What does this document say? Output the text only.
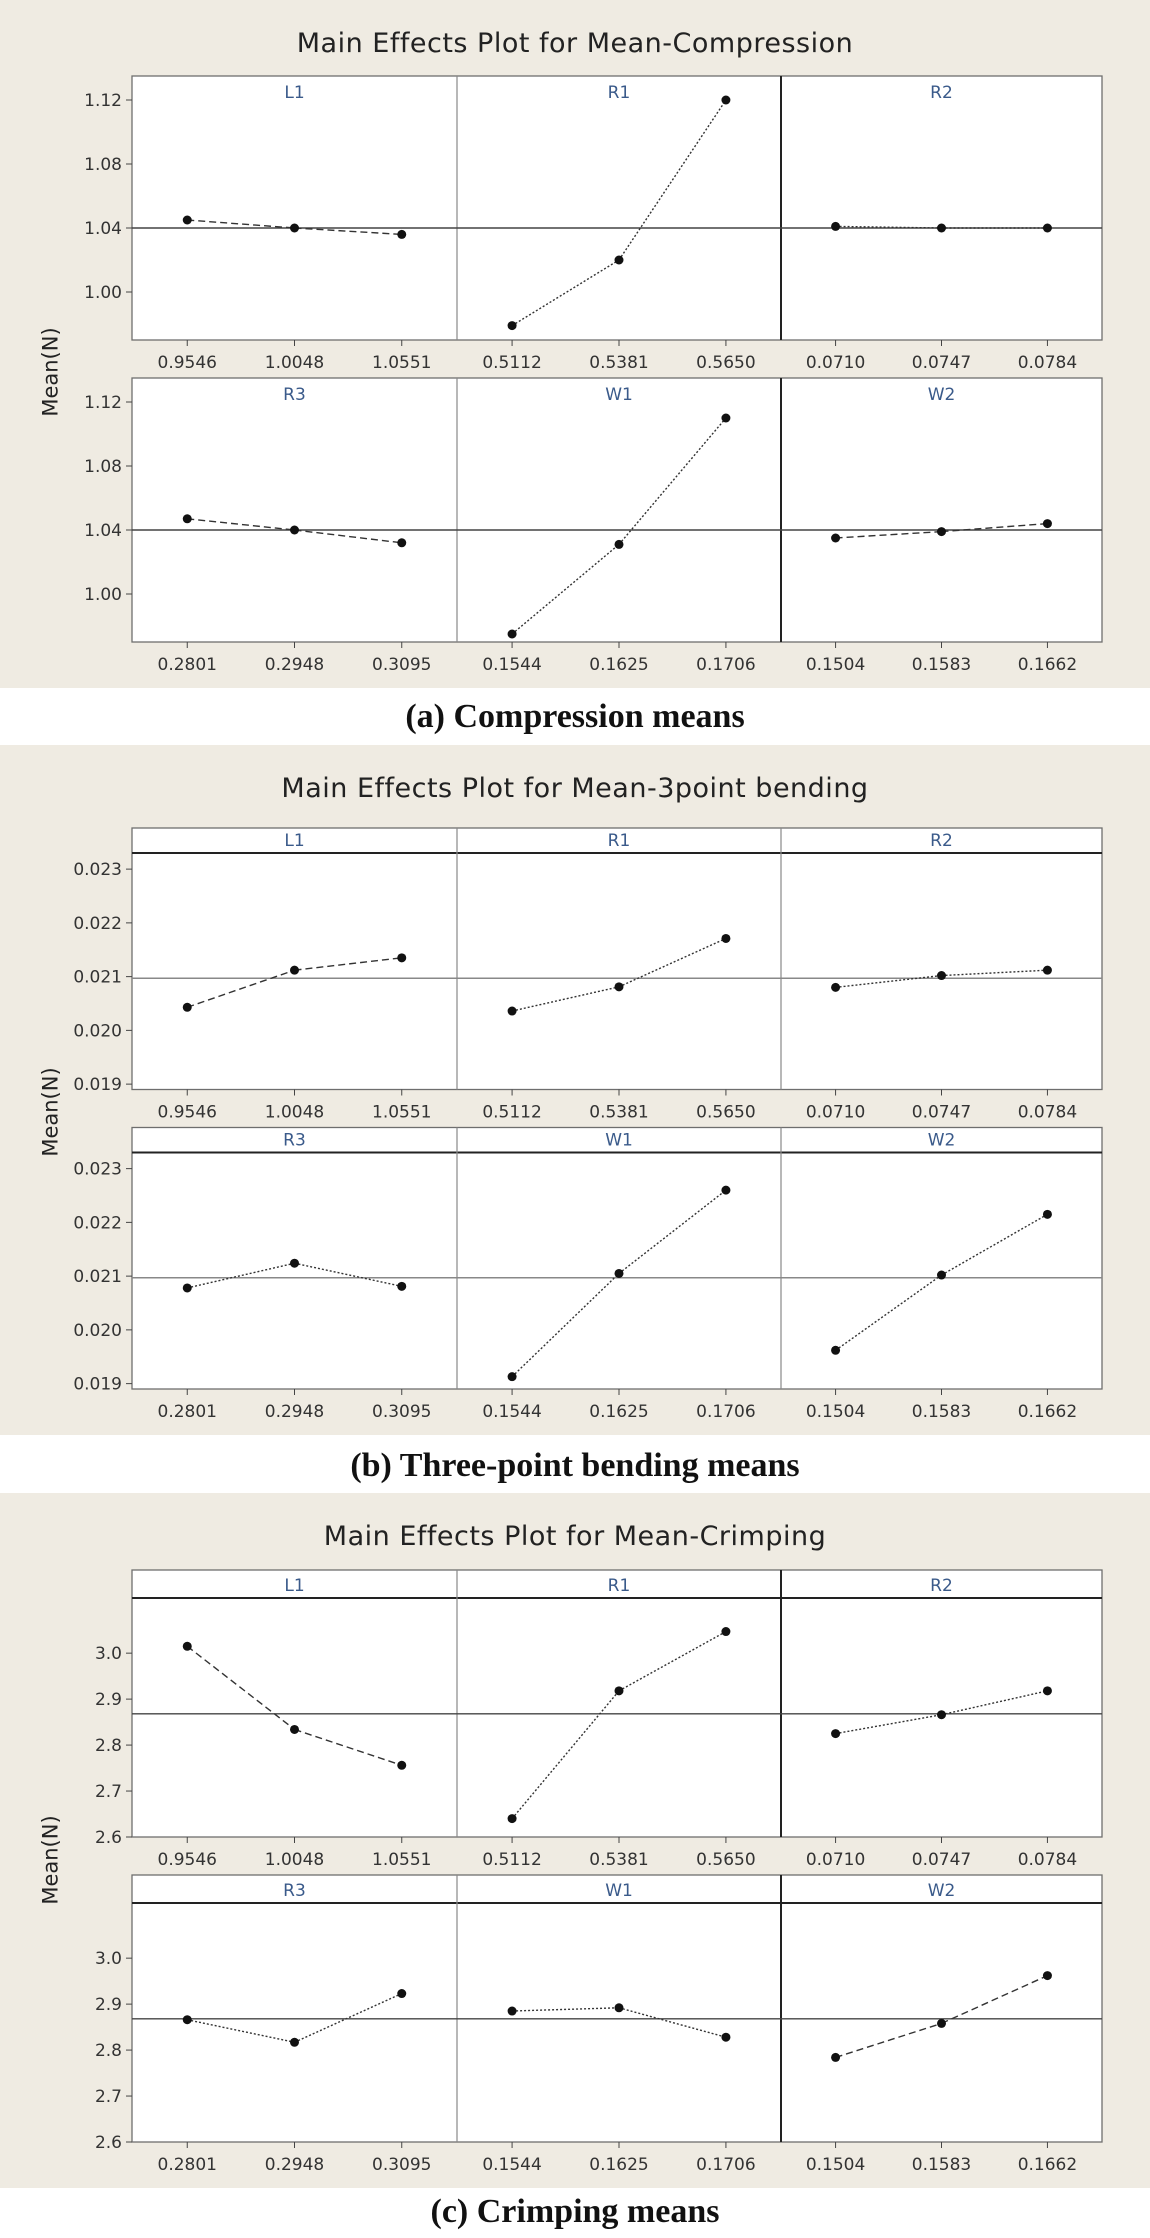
Main Effects Plot for Mean-Compression
Mean(N)
1.12
1.08
1.04
1.00
L1
0.9546	1.0048	1.0551
R1
0.5112	0.5381	0.5650
R2
0.0710	0.0747	0.0784
1.12
1.08
1.04
1.00
R3
0.2801	0.2948	0.3095
W1
0.1544	0.1625	0.1706
W2
0.1504	0.1583	0.1662
(a) Compression means
Main Effects Plot for Mean-3point bending
Mean(N)
0.023
0.022
0.021
0.020
0.019
L1
0.9546	1.0048	1.0551
R1
0.5112	0.5381	0.5650
R2
0.0710	0.0747	0.0784
0.023
0.022
0.021
0.020
0.019
R3
0.2801	0.2948	0.3095
W1
0.1544	0.1625	0.1706
W2
0.1504	0.1583	0.1662
(b) Three-point bending means
Main Effects Plot for Mean-Crimping
Mean(N)
3.0
2.9
2.8
2.7
2.6
L1
0.9546	1.0048	1.0551
R1
0.5112	0.5381	0.5650
R2
0.0710	0.0747	0.0784
3.0
2.9
2.8
2.7
2.6
R3
0.2801	0.2948	0.3095
W1
0.1544	0.1625	0.1706
W2
0.1504	0.1583	0.1662
(c) Crimping means
